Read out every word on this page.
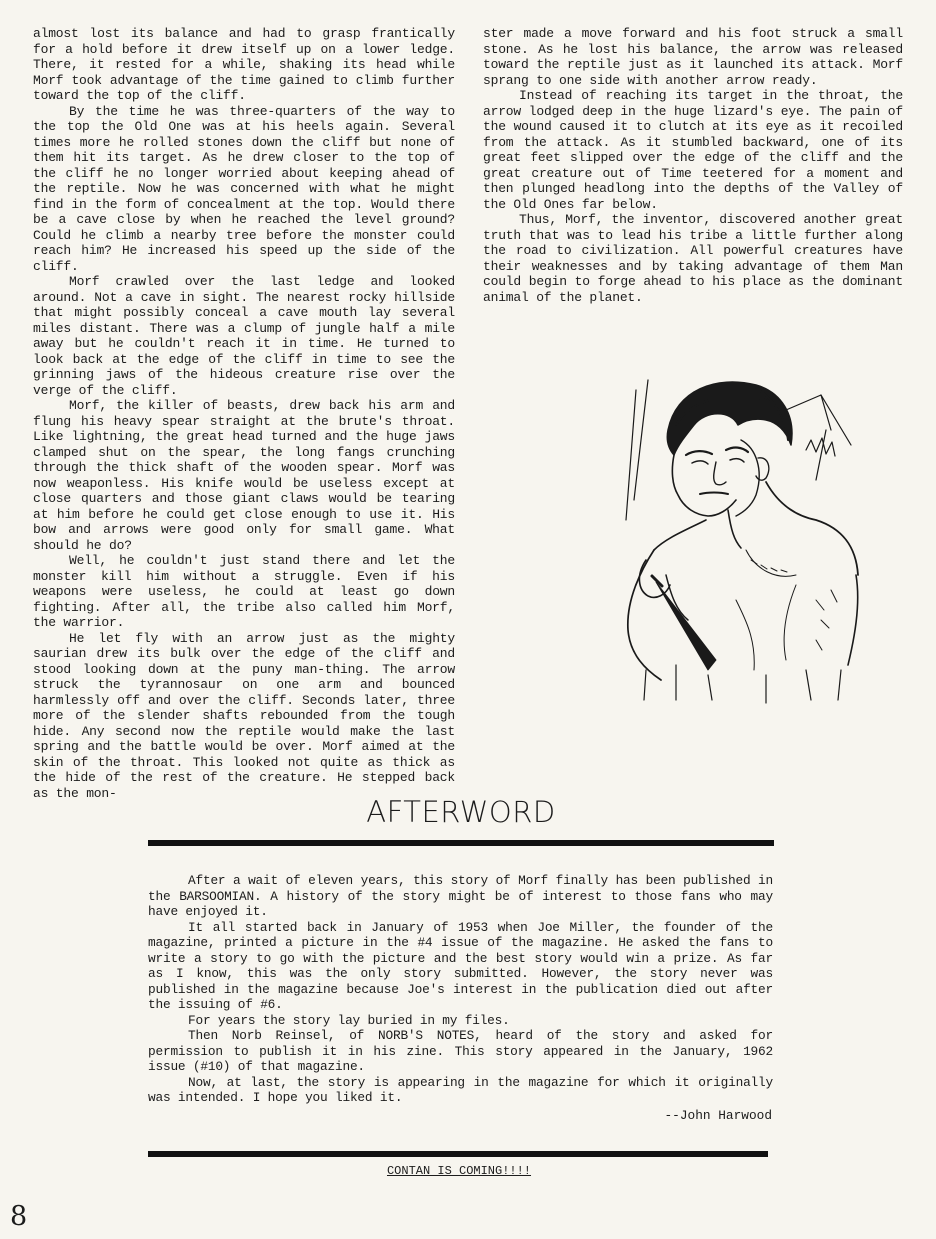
almost lost its balance and had to grasp frantically for a hold before it drew itself up on a lower ledge. There, it rested for a while, shaking its head while Morf took advantage of the time gained to climb further toward the top of the cliff.

By the time he was three-quarters of the way to the top the Old One was at his heels again. Several times more he rolled stones down the cliff but none of them hit its target. As he drew closer to the top of the cliff he no longer worried about keeping ahead of the reptile. Now he was concerned with what he might find in the form of concealment at the top. Would there be a cave close by when he reached the level ground? Could he climb a nearby tree before the monster could reach him? He increased his speed up the side of the cliff.

Morf crawled over the last ledge and looked around. Not a cave in sight. The nearest rocky hillside that might possibly conceal a cave mouth lay several miles distant. There was a clump of jungle half a mile away but he couldn't reach it in time. He turned to look back at the edge of the cliff in time to see the grinning jaws of the hideous creature rise over the verge of the cliff.

Morf, the killer of beasts, drew back his arm and flung his heavy spear straight at the brute's throat. Like lightning, the great head turned and the huge jaws clamped shut on the spear, the long fangs crunching through the thick shaft of the wooden spear. Morf was now weaponless. His knife would be useless except at close quarters and those giant claws would be tearing at him before he could get close enough to use it. His bow and arrows were good only for small game. What should he do?

Well, he couldn't just stand there and let the monster kill him without a struggle. Even if his weapons were useless, he could at least go down fighting. After all, the tribe also called him Morf, the warrior.

He let fly with an arrow just as the mighty saurian drew its bulk over the edge of the cliff and stood looking down at the puny man-thing. The arrow struck the tyrannosaur on one arm and bounced harmlessly off and over the cliff. Seconds later, three more of the slender shafts rebounded from the tough hide. Any second now the reptile would make the last spring and the battle would be over. Morf aimed at the skin of the throat. This looked not quite as thick as the hide of the rest of the creature. He stepped back as the mon-

ster made a move forward and his foot struck a small stone. As he lost his balance, the arrow was released toward the reptile just as it launched its attack. Morf sprang to one side with another arrow ready.

Instead of reaching its target in the throat, the arrow lodged deep in the huge lizard's eye. The pain of the wound caused it to clutch at its eye as it recoiled from the attack. As it stumbled backward, one of its great feet slipped over the edge of the cliff and the great creature out of Time teetered for a moment and then plunged headlong into the depths of the Valley of the Old Ones far below.

Thus, Morf, the inventor, discovered another great truth that was to lead his tribe a little further along the road to civilization. All powerful creatures have their weaknesses and by taking advantage of them Man could begin to forge ahead to his place as the dominant animal of the planet.

AFTERWORD

After a wait of eleven years, this story of Morf finally has been published in the BARSOOMIAN. A history of the story might be of interest to those fans who may have enjoyed it.

It all started back in January of 1953 when Joe Miller, the founder of the magazine, printed a picture in the #4 issue of the magazine. He asked the fans to write a story to go with the picture and the best story would win a prize. As far as I know, this was the only story submitted. However, the story never was published in the magazine because Joe's interest in the publication died out after the issuing of #6.

For years the story lay buried in my files.

Then Norb Reinsel, of NORB'S NOTES, heard of the story and asked for permission to publish it in his zine. This story appeared in the January, 1962 issue (#10) of that magazine.

Now, at last, the story is appearing in the magazine for which it originally was intended. I hope you liked it.

--John Harwood
CONTAN IS COMING!!!!
8
